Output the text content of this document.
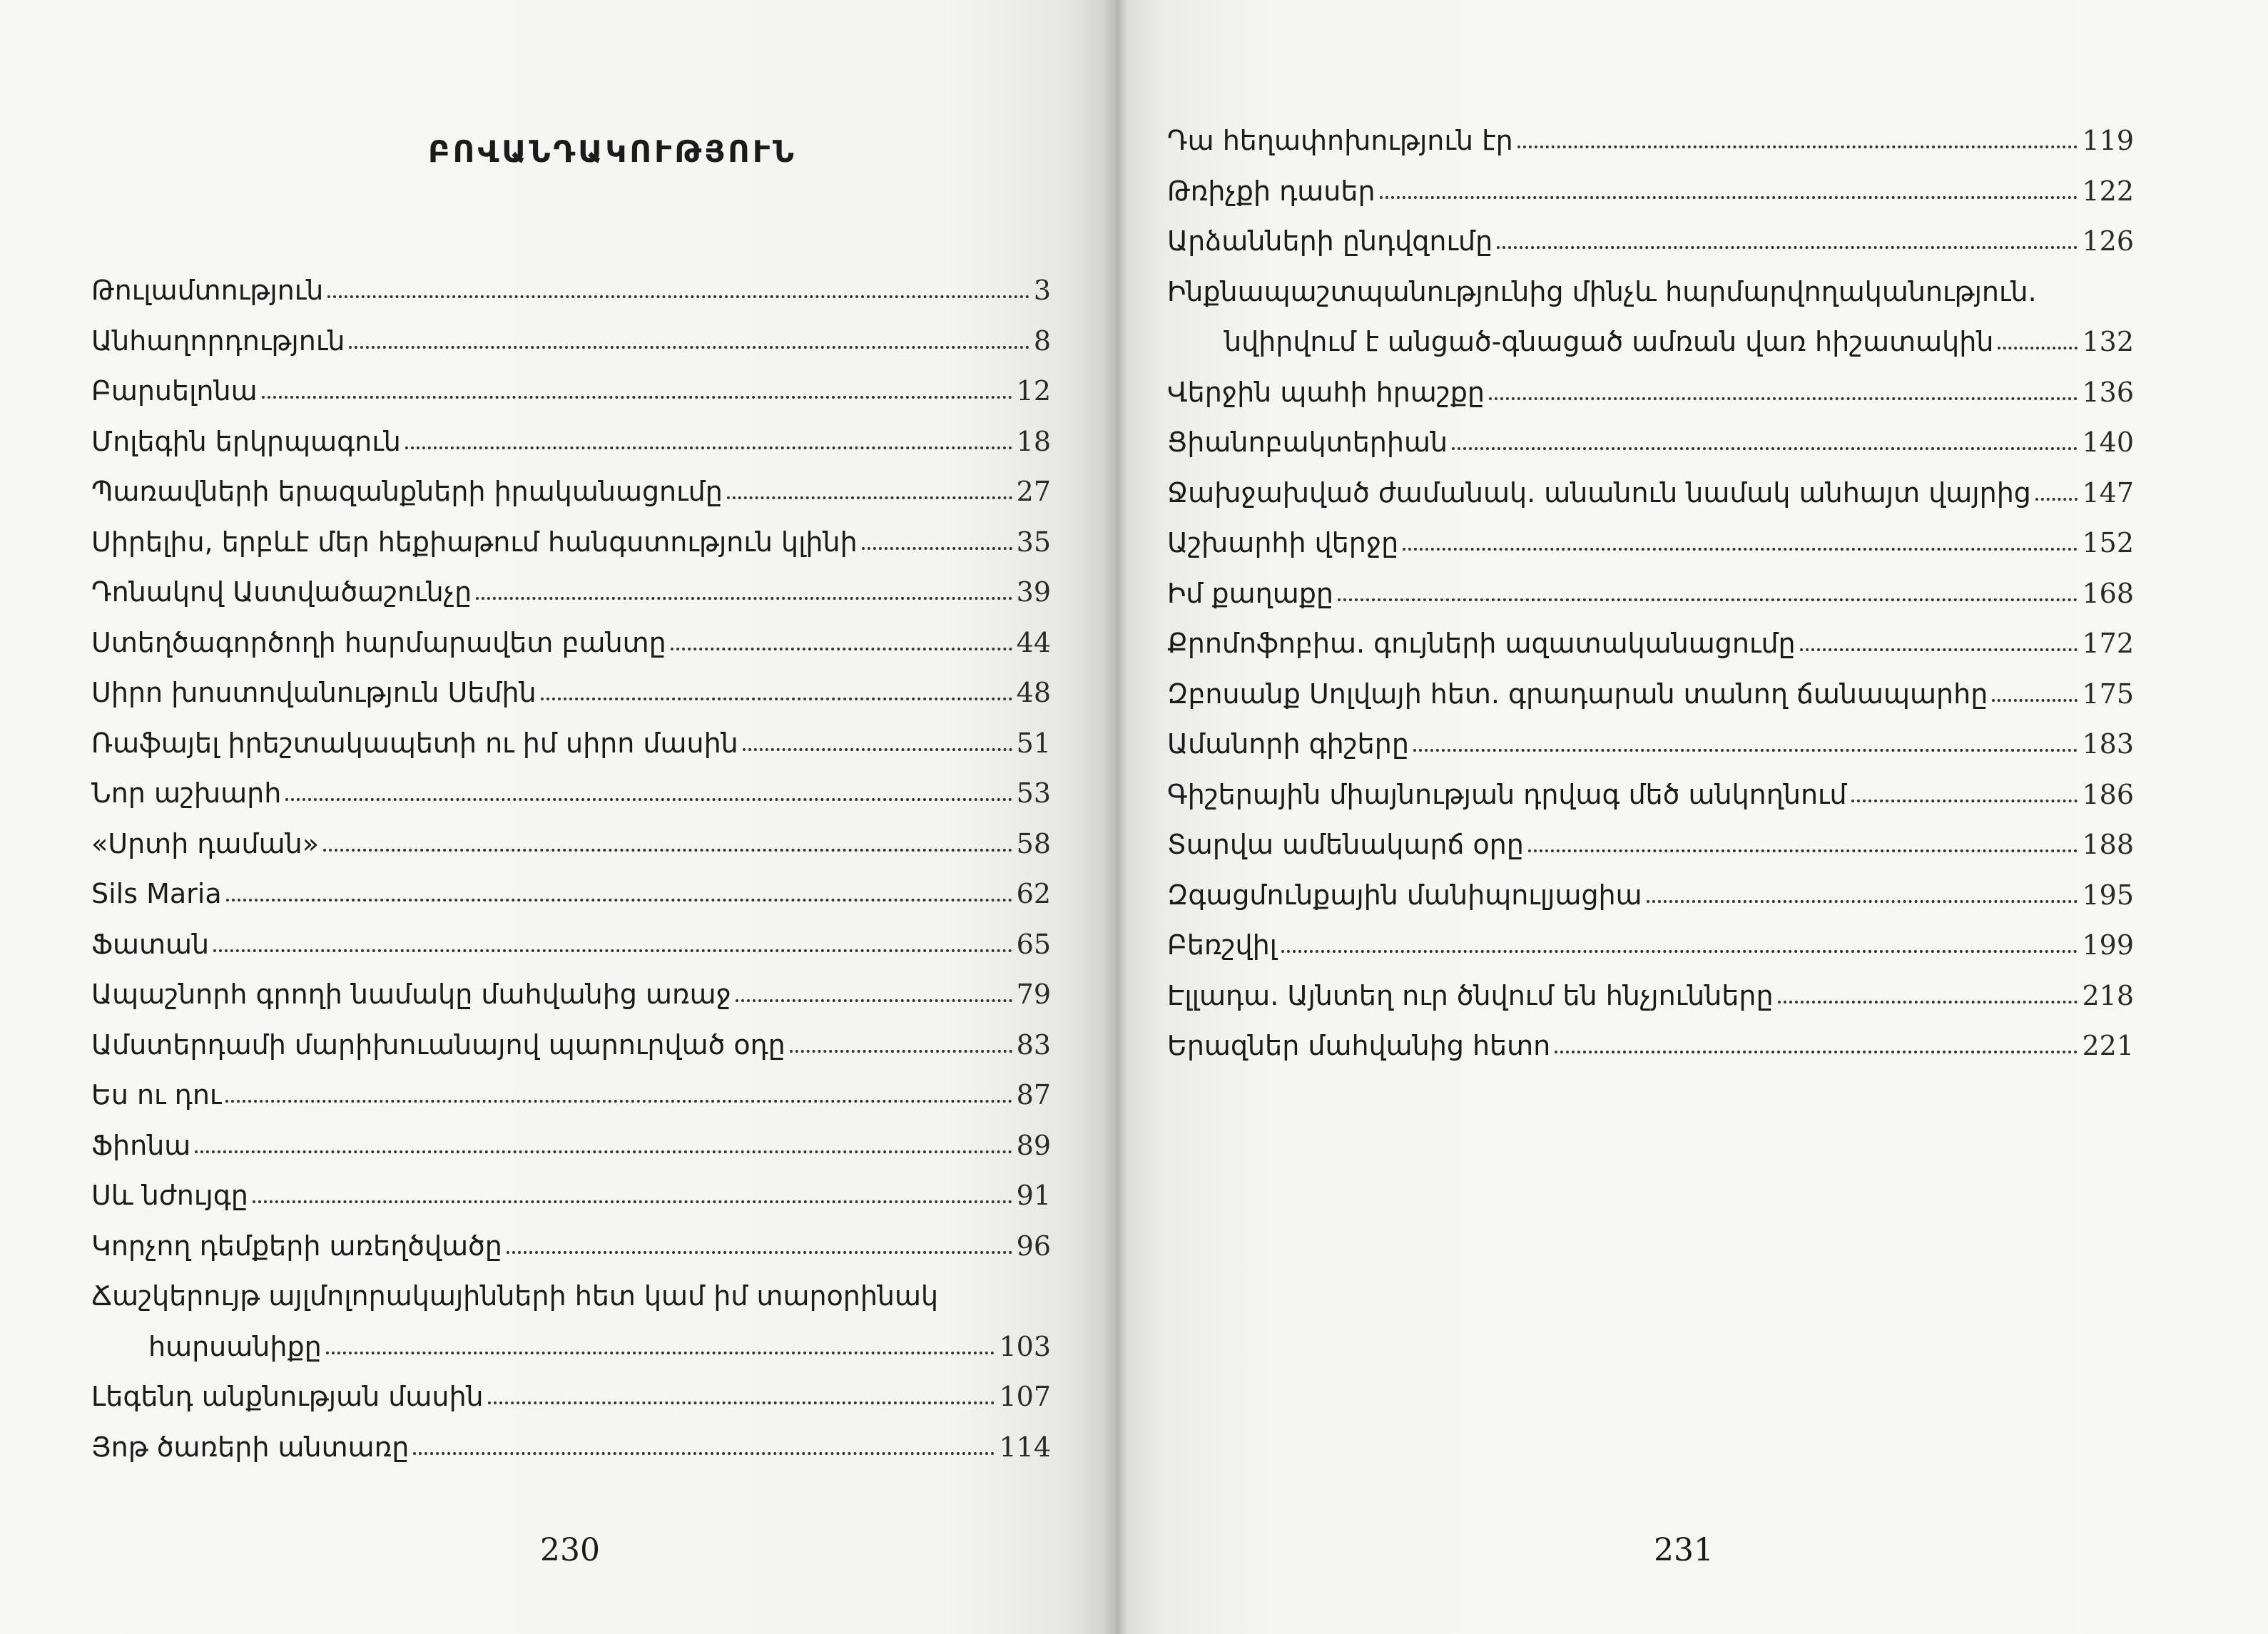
ԲՈՎԱՆԴԱԿՈՒԹՅՈՒՆ
Թուլամտություն	3
Անհաղորդություն	8
Բարսելոնա	12
Մոլեգին երկրպագուն	18
Պառավների երազանքների իրականացումը	27
Սիրելիս, երբևէ մեր հեքիաթում հանգստություն կլինի	35
Դոնակով Աստվածաշունչը	39
Ստեղծագործողի հարմարավետ բանտը	44
Սիրո խոստովանություն Սեմին	48
Ռաֆայել իրեշտակապետի ու իմ սիրո մասին	51
Նոր աշխարհ	53
«Սրտի դաման»	58
Sils Maria	62
Ֆատան	65
Ապաշնորհ գրողի նամակը մահվանից առաջ	79
Ամստերդամի մարիխուանայով պարուրված օդը	83
Ես ու դու	87
Ֆիոնա	89
Սև նժույգը	91
Կորչող դեմքերի առեղծվածը	96
Ճաշկերույթ այլմոլորակայինների հետ կամ իմ տարօրինակ
հարսանիքը	103
Լեգենդ անքնության մասին	107
Յոթ ծառերի անտառը	114
Դա հեղափոխություն էր	119
Թռիչքի դասեր	122
Արձանների ընդվզումը	126
Ինքնապաշտպանությունից մինչև հարմարվողականություն.
նվիրվում է անցած-գնացած ամռան վառ հիշատակին	132
Վերջին պահի հրաշքը	136
Ցիանոբակտերիան	140
Ջախջախված ժամանակ. անանուն նամակ անհայտ վայրից 147
Աշխարհի վերջը	152
Իմ քաղաքը	168
Քրոմոֆոբիա. գույների ազատականացումը	172
Զբոսանք Սոլվայի հետ. գրադարան տանող ճանապարհը	175
Ամանորի գիշերը	183
Գիշերային միայնության դրվագ մեծ անկողնում	186
Տարվա ամենակարճ օրը	188
Զգացմունքային մանիպուլյացիա	195
Բեռշվիլ	199
Էլլադա. Այնտեղ ուր ծնվում են հնչյունները	218
Երազներ մահվանից հետո	221
230	231
